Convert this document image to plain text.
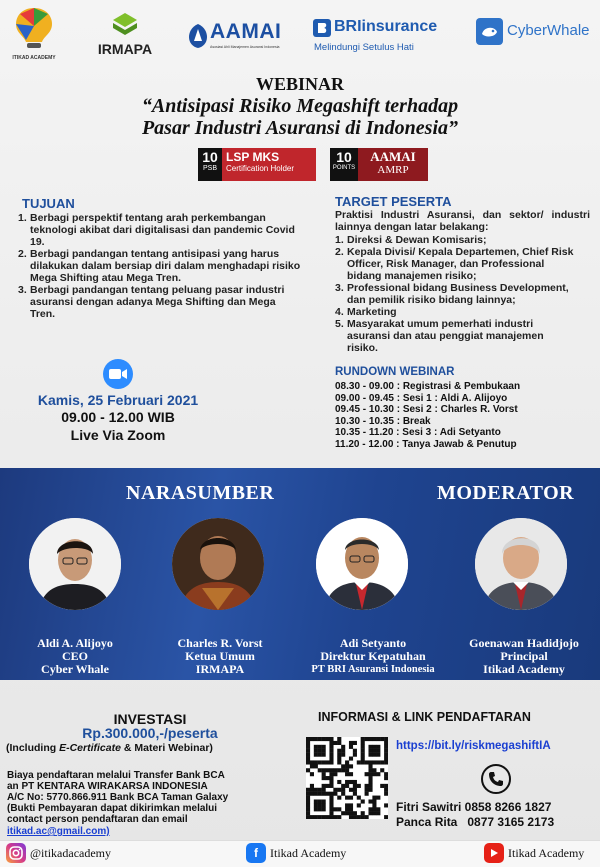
ITIKAD ACADEMY
IRMAPA
AAMAI
Asosiasi Ahli Manajemen Asuransi Indonesia
BRIinsurance
Melindungi Setulus Hati
CyberWhale
WEBINAR
“Antisipasi Risiko Megashift terhadap
Pasar Industri Asuransi di Indonesia”
10
PSB
LSP MKS
Certification Holder
10
POINTS
AAMAI
AMRP
TUJUAN
1. Berbagi perspektif tentang arah perkembangan teknologi akibat dari digitalisasi dan pandemic Covid 19.
2. Berbagi pandangan tentang antisipasi yang harus dilakukan dalam bersiap diri dalam menghadapi risiko Mega Shifting atau Mega Tren.
3. Berbagi pandangan tentang peluang pasar industri asuransi dengan adanya Mega Shifting dan Mega Tren.
TARGET PESERTA
Praktisi Industri Asuransi, dan sektor/ industri lainnya dengan latar belakang:
1. Direksi & Dewan Komisaris;
2. Kepala Divisi/ Kepala Departemen, Chief Risk Officer, Risk Manager, dan Professional bidang manajemen risiko;
3. Professional bidang Business Development, dan pemilik risiko bidang lainnya;
4. Marketing
5. Masyarakat umum pemerhati industri asuransi dan atau penggiat manajemen risiko.
Kamis, 25 Februari 2021
09.00 - 12.00 WIB
Live Via Zoom
RUNDOWN WEBINAR
08.30 - 09.00 : Registrasi & Pembukaan
09.00 - 09.45 : Sesi 1 : Aldi A. Alijoyo
09.45 - 10.30 : Sesi 2 : Charles R. Vorst
10.30 - 10.35 : Break
10.35 - 11.20 : Sesi 3 : Adi Setyanto
11.20 - 12.00 : Tanya Jawab & Penutup
NARASUMBER	MODERATOR
Aldi A. Alijoyo
CEO
Cyber Whale
Charles R. Vorst
Ketua Umum
IRMAPA
Adi Setyanto
Direktur Kepatuhan
PT BRI Asuransi Indonesia
Goenawan Hadidjojo
Principal
Itikad Academy
INVESTASI
Rp.300.000,-/peserta
(Including E-Certificate & Materi Webinar)
Biaya pendaftaran melalui Transfer Bank BCA
an PT KENTARA WIRAKARSA INDONESIA
A/C No: 5770.866.911 Bank BCA Taman Galaxy
(Bukti Pembayaran dapat dikirimkan melalui
contact person pendaftaran dan email
itikad.ac@gmail.com)
INFORMASI & LINK PENDAFTARAN
https://bit.ly/riskmegashiftIA
Fitri Sawitri 0858 8266 1827
Panca Rita   0877 3165 2173
@itikadacademy	f	Itikad Academy	Itikad Academy
